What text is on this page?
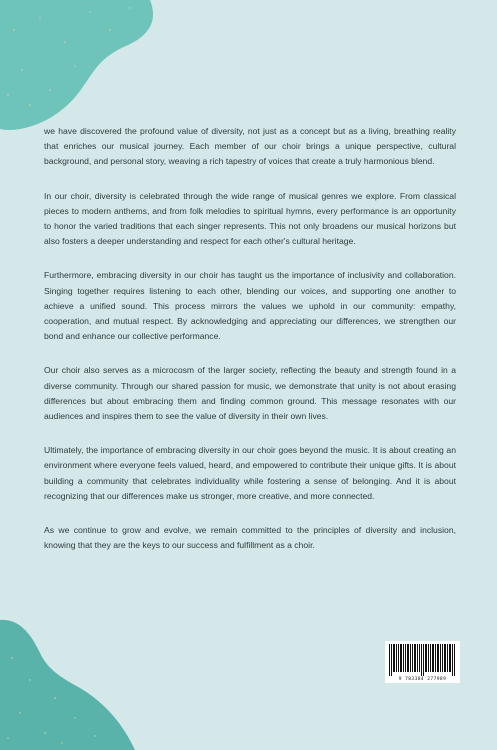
we have discovered the profound value of diversity, not just as a concept but as a living, breathing reality that enriches our musical journey. Each member of our choir brings a unique perspective, cultural background, and personal story, weaving a rich tapestry of voices that create a truly harmonious blend.

In our choir, diversity is celebrated through the wide range of musical genres we explore. From classical pieces to modern anthems, and from folk melodies to spiritual hymns, every performance is an opportunity to honor the varied traditions that each singer represents. This not only broadens our musical horizons but also fosters a deeper understanding and respect for each other's cultural heritage.

Furthermore, embracing diversity in our choir has taught us the importance of inclusivity and collaboration. Singing together requires listening to each other, blending our voices, and supporting one another to achieve a unified sound. This process mirrors the values we uphold in our community: empathy, cooperation, and mutual respect. By acknowledging and appreciating our differences, we strengthen our bond and enhance our collective performance.

Our choir also serves as a microcosm of the larger society, reflecting the beauty and strength found in a diverse community. Through our shared passion for music, we demonstrate that unity is not about erasing differences but about embracing them and finding common ground. This message resonates with our audiences and inspires them to see the value of diversity in their own lives.

Ultimately, the importance of embracing diversity in our choir goes beyond the music. It is about creating an environment where everyone feels valued, heard, and empowered to contribute their unique gifts. It is about building a community that celebrates individuality while fostering a sense of belonging. And it is about recognizing that our differences make us stronger, more creative, and more connected.

As we continue to grow and evolve, we remain committed to the principles of diversity and inclusion, knowing that they are the keys to our success and fulfillment as a choir.

9 783384 277989
